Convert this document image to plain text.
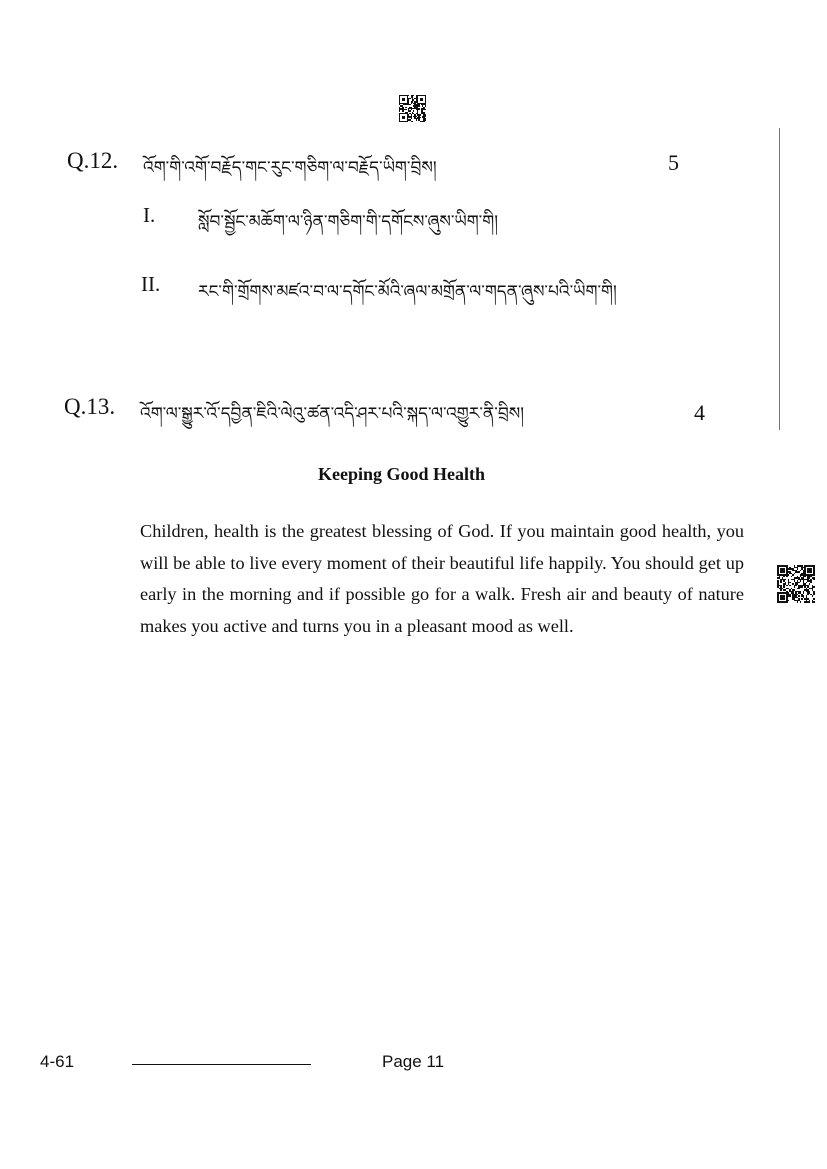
Q.12. འོག་གི་འགོ་བརྗོད་གང་རུང་གཅིག་ལ་བརྗོད་ཡིག་བྲིས།	5
I.	སློབ་སྦྱོང་མཆོག་ལ་ཉིན་གཅིག་གི་དགོངས་ཞུས་ཡིག་གི།
II. རང་གི་གྲོགས་མཛའ་བ་ལ་དགོང་མོའི་ཞལ་མགྲོན་ལ་གདན་ཞུས་པའི་ཡིག་གི།
Q.13. འོག་ལ་སྒྱུར་འོ་དབྱིན་ཇིའི་ལེའུ་ཚན་འདི་ཤར་པའི་སྐད་ལ་འགྱུར་ནི་བྲིས།	4
Keeping Good Health
Children, health is the greatest blessing of God. If you maintain good health, you will be able to live every moment of their beautiful life happily. You should get up early in the morning and if possible go for a walk. Fresh air and beauty of nature makes you active and turns you in a pleasant mood as well.
4-61	Page 11
